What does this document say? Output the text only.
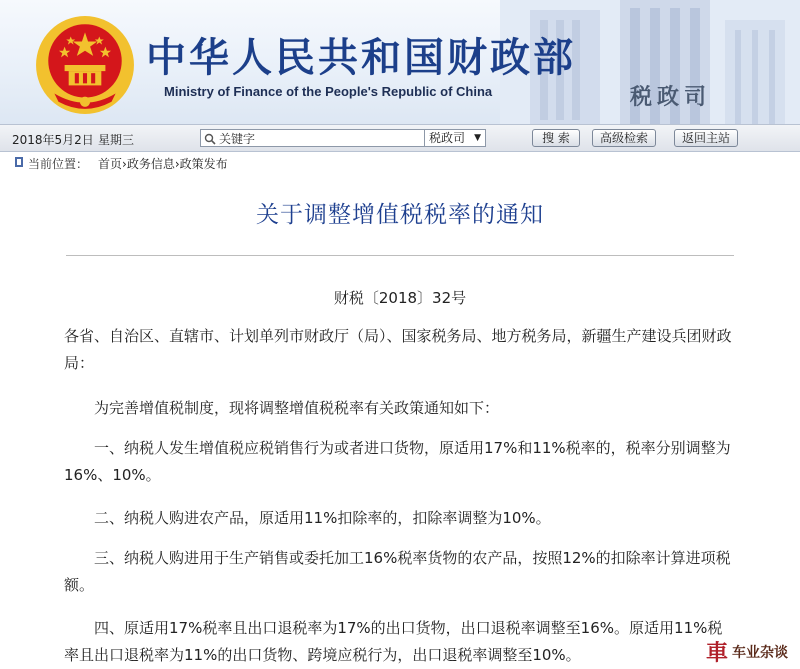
中华人民共和国财政部
Ministry of Finance of the People's Republic of China	税政司
2018年5月2日 星期三
关键字	税政司 ▼	搜 索	高级检索	返回主站
当前位置： 首页›政务信息›政策发布
关于调整增值税税率的通知
财税〔2018〕32号

各省、自治区、直辖市、计划单列市财政厅（局）、国家税务局、地方税务局，新疆生产建设兵团财政局：

为完善增值税制度，现将调整增值税税率有关政策通知如下：

一、纳税人发生增值税应税销售行为或者进口货物，原适用17%和11%税率的，税率分别调整为16%、10%。

二、纳税人购进农产品，原适用11%扣除率的，扣除率调整为10%。

三、纳税人购进用于生产销售或委托加工16%税率货物的农产品，按照12%的扣除率计算进项税额。

四、原适用17%税率且出口退税率为17%的出口货物，出口退税率调整至16%。原适用11%税率且出口退税率为11%的出口货物、跨境应税行为，出口退税率调整至10%。	車 车业杂谈
